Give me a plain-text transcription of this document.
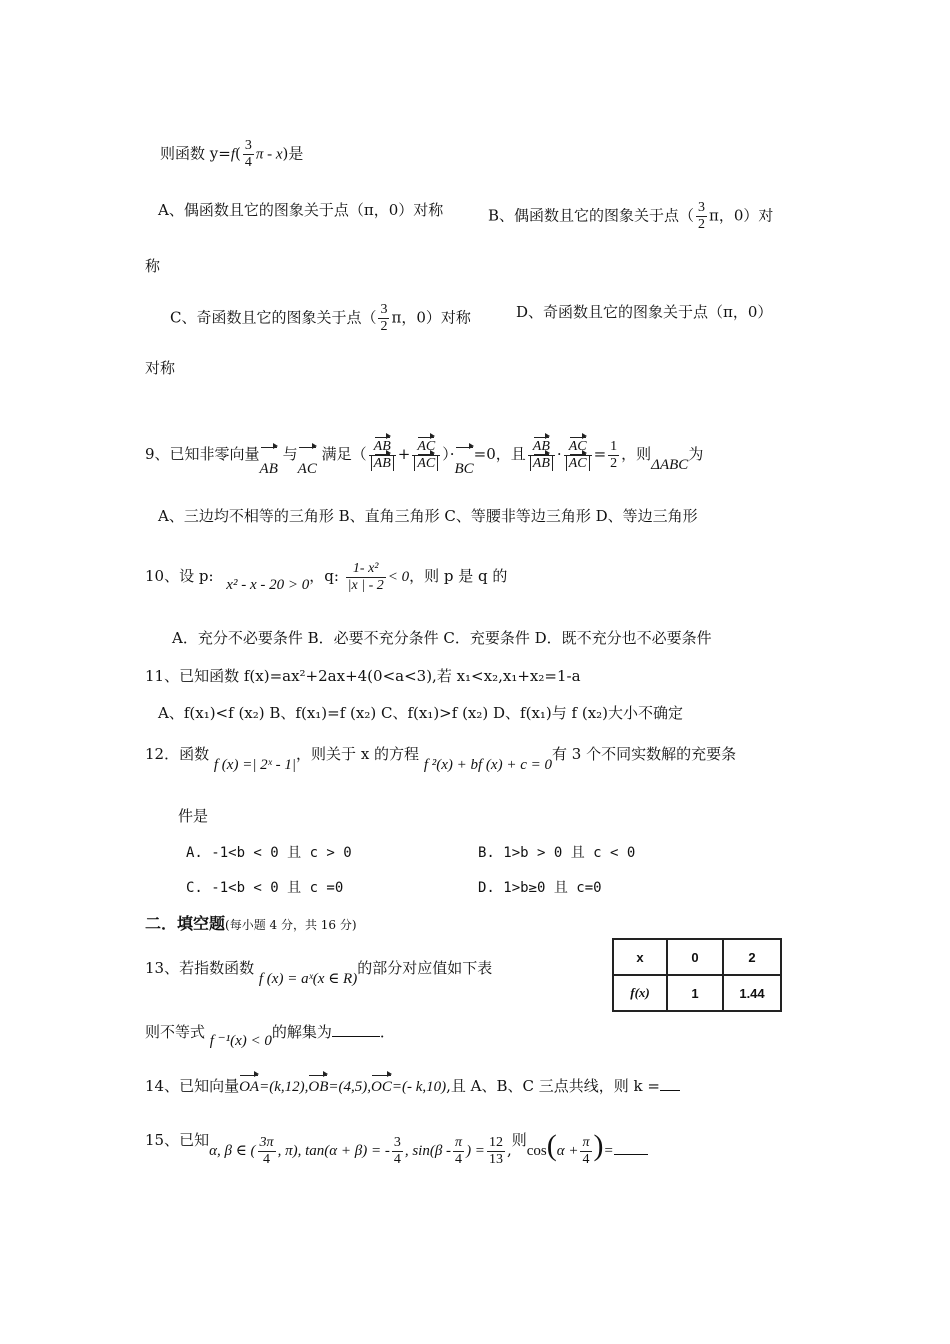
则函数 $y=f( \frac{3}{4}$ π - x)是
A、偶函数且它的图象关于点（π，0）对称	B、偶函数且它的图象关于点（ $\frac{3}{2}$ π，0）对
称
C、奇函数且它的图象关于点（ $\frac{3}{2}$ π，0）对称	D、奇函数且它的图象关于点（π，0）
对称
9、已知非零向量AB 与AC 满足（ $\frac{AB}{AB} + \frac{AC}{AC} )\cdot BC=0$，且 $\frac{AB}{AB} \cdot \frac{AC}{AC} = \frac{1}{2}$ ，则ΔABC为
A、三边均不相等的三角形 B、直角三角形 C、等腰非等边三角形 D、等边三角形
10、设 p: x² - x - 20 > 0，q: $\frac{\text{1- x²}}{|x | - 2} < 0$，则 p 是 q 的
A．充分不必要条件 B．必要不充分条件 C．充要条件 D．既不充分也不必要条件
11、已知函数 f(x)=ax²+2ax+4(0<a<3),若 x₁<x₂,x₁+x₂=1-a
A、f(x₁)<f (x₂) B、f(x₁)=f (x₂) C、f(x₁)>f (x₂) D、f(x₁)与 f (x₂)大小不确定
12．函数 f (x) =| 2ˣ - 1|，则关于 x 的方程 f ²(x) + bf (x) + c = 0有 3 个不同实数解的充要条
件是
A. -1<b < 0 且 c > 0	B. 1>b > 0 且 c < 0
C. -1<b < 0 且 c =0	D. 1>b≥0 且 c=0
二．填空题(每小题 4 分，共 16 分)
13、若指数函数 f (x) = aˣ(x ∈ R)的部分对应值如下表
x	0	2
f(x)	1	1.44
则不等式 f ⁻¹(x) < 0的解集为	．
14、已知向量OA=(k,12),OB=(4,5),OC=(- k,10),且 A、B、C 三点共线，则 k =
15、已知α, β ∈ ( $\frac{3\pi}{4}$ , π), tan(α + β) = - $\frac{3}{4}$ , $\sin(\beta - \frac{\pi}{4}$ ) = $\frac{12}{13}$ ,则$\cos(\alpha + \frac{\pi}{4}$ )=
